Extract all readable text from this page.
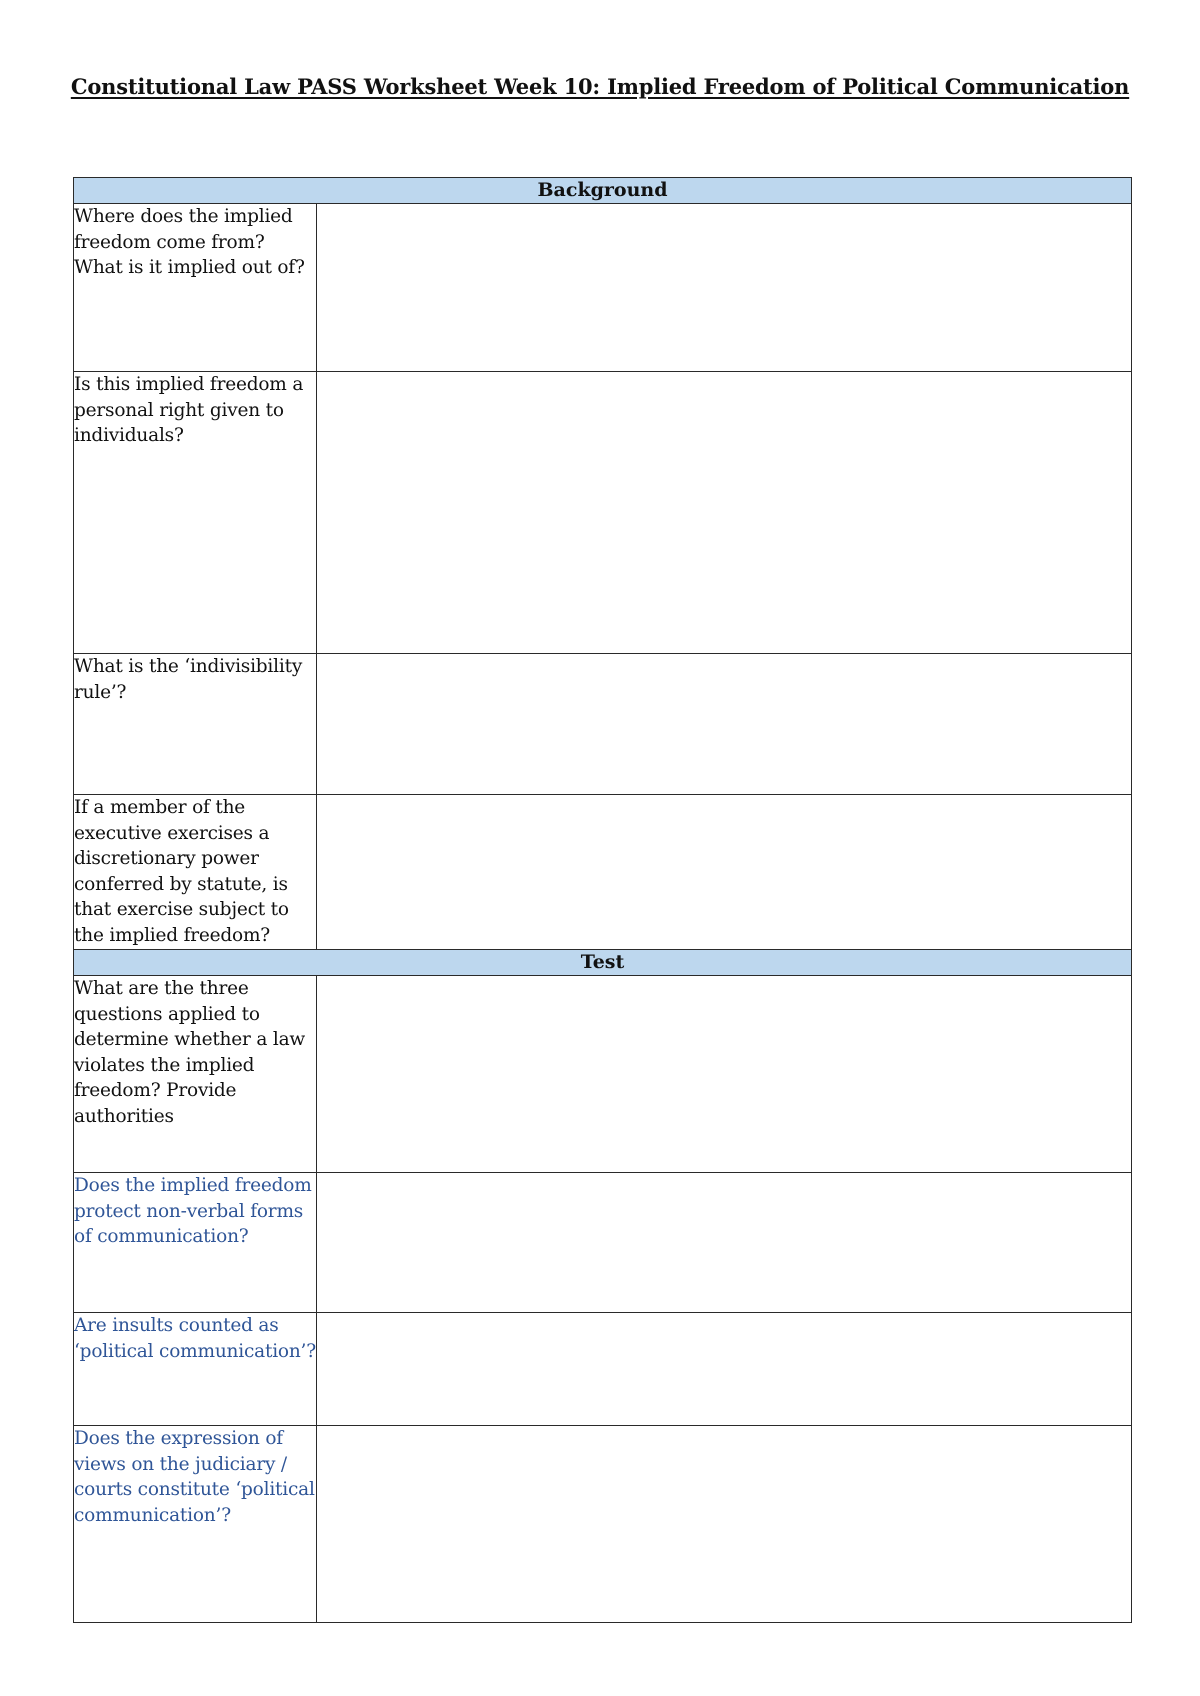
Constitutional Law PASS Worksheet Week 10: Implied Freedom of Political Communication
Background	
Where does the implied freedom come from? What is it implied out of?	
Is this implied freedom a personal right given to individuals?	
What is the ‘indivisibility rule’?	
If a member of the executive exercises a discretionary power conferred by statute, is that exercise subject to the implied freedom?	
Test	
What are the three questions applied to determine whether a law violates the implied freedom? Provide authorities	
Does the implied freedom protect non-verbal forms of communication?	
Are insults counted as ‘political communication’?	
Does the expression of views on the judiciary / courts constitute ‘political communication’?	
